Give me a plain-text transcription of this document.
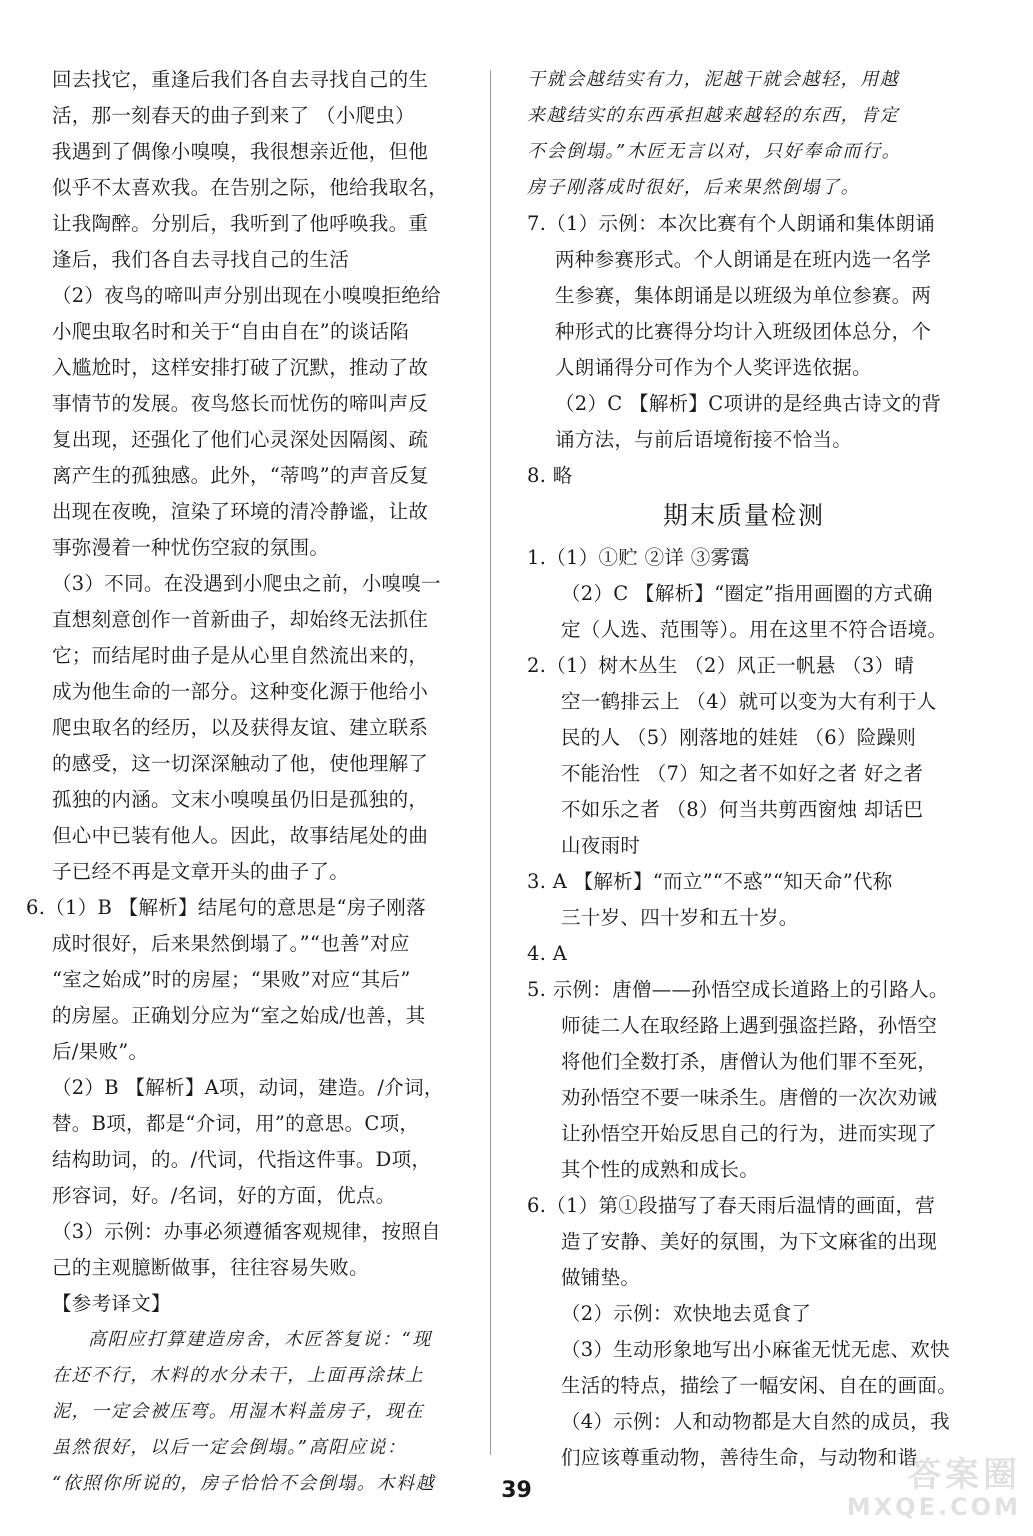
回去找它，重逢后我们各自去寻找自己的生
活，那一刻春天的曲子到来了 （小爬虫）
我遇到了偶像小嗅嗅，我很想亲近他，但他
似乎不太喜欢我。在告别之际，他给我取名，
让我陶醉。分别后，我听到了他呼唤我。重
逢后，我们各自去寻找自己的生活
（2）夜鸟的啼叫声分别出现在小嗅嗅拒绝给
小爬虫取名时和关于“自由自在”的谈话陷
入尴尬时，这样安排打破了沉默，推动了故
事情节的发展。夜鸟悠长而忧伤的啼叫声反
复出现，还强化了他们心灵深处因隔阂、疏
离产生的孤独感。此外，“蒂鸣”的声音反复
出现在夜晚，渲染了环境的清冷静谧，让故
事弥漫着一种忧伤空寂的氛围。
（3）不同。在没遇到小爬虫之前，小嗅嗅一
直想刻意创作一首新曲子，却始终无法抓住
它；而结尾时曲子是从心里自然流出来的，
成为他生命的一部分。这种变化源于他给小
爬虫取名的经历，以及获得友谊、建立联系
的感受，这一切深深触动了他，使他理解了
孤独的内涵。文末小嗅嗅虽仍旧是孤独的，
但心中已装有他人。因此，故事结尾处的曲
子已经不再是文章开头的曲子了。
6.（1）B 【解析】结尾句的意思是“房子刚落
成时很好，后来果然倒塌了。”“也善”对应
“室之始成”时的房屋；“果败”对应“其后”
的房屋。正确划分应为“室之始成/也善，其
后/果败”。
（2）B 【解析】A项，动词，建造。/介词，
替。B项，都是“介词，用”的意思。C项，
结构助词，的。/代词，代指这件事。D项，
形容词，好。/名词，好的方面，优点。
（3）示例：办事必须遵循客观规律，按照自
己的主观臆断做事，往往容易失败。
【参考译文】
高阳应打算建造房舍，木匠答复说：“现
在还不行，木料的水分未干，上面再涂抹上
泥，一定会被压弯。用湿木料盖房子，现在
虽然很好，以后一定会倒塌。”高阳应说：
“依照你所说的，房子恰恰不会倒塌。木料越
干就会越结实有力，泥越干就会越轻，用越
来越结实的东西承担越来越轻的东西，肯定
不会倒塌。”木匠无言以对，只好奉命而行。
房子刚落成时很好，后来果然倒塌了。
7.（1）示例：本次比赛有个人朗诵和集体朗诵
两种参赛形式。个人朗诵是在班内选一名学
生参赛，集体朗诵是以班级为单位参赛。两
种形式的比赛得分均计入班级团体总分，个
人朗诵得分可作为个人奖评选依据。
（2）C 【解析】C项讲的是经典古诗文的背
诵方法，与前后语境衔接不恰当。
8. 略
期末质量检测
1.（1）①贮 ②详 ③雾霭
（2）C 【解析】“圈定”指用画圈的方式确
定（人选、范围等）。用在这里不符合语境。
2.（1）树木丛生 （2）风正一帆悬 （3）晴
空一鹤排云上 （4）就可以变为大有利于人
民的人 （5）刚落地的娃娃 （6）险躁则
不能治性 （7）知之者不如好之者 好之者
不如乐之者 （8）何当共剪西窗烛 却话巴
山夜雨时
3. A 【解析】“而立”“不惑”“知天命”代称
三十岁、四十岁和五十岁。
4. A
5. 示例：唐僧——孙悟空成长道路上的引路人。
师徒二人在取经路上遇到强盗拦路，孙悟空
将他们全数打杀，唐僧认为他们罪不至死，
劝孙悟空不要一味杀生。唐僧的一次次劝诫
让孙悟空开始反思自己的行为，进而实现了
其个性的成熟和成长。
6.（1）第①段描写了春天雨后温情的画面，营
造了安静、美好的氛围，为下文麻雀的出现
做铺垫。
（2）示例：欢快地去觅食了
（3）生动形象地写出小麻雀无忧无虑、欢快
生活的特点，描绘了一幅安闲、自在的画面。
（4）示例：人和动物都是大自然的成员，我
们应该尊重动物，善待生命，与动物和谐
39	答案圈
MXQE.COM
